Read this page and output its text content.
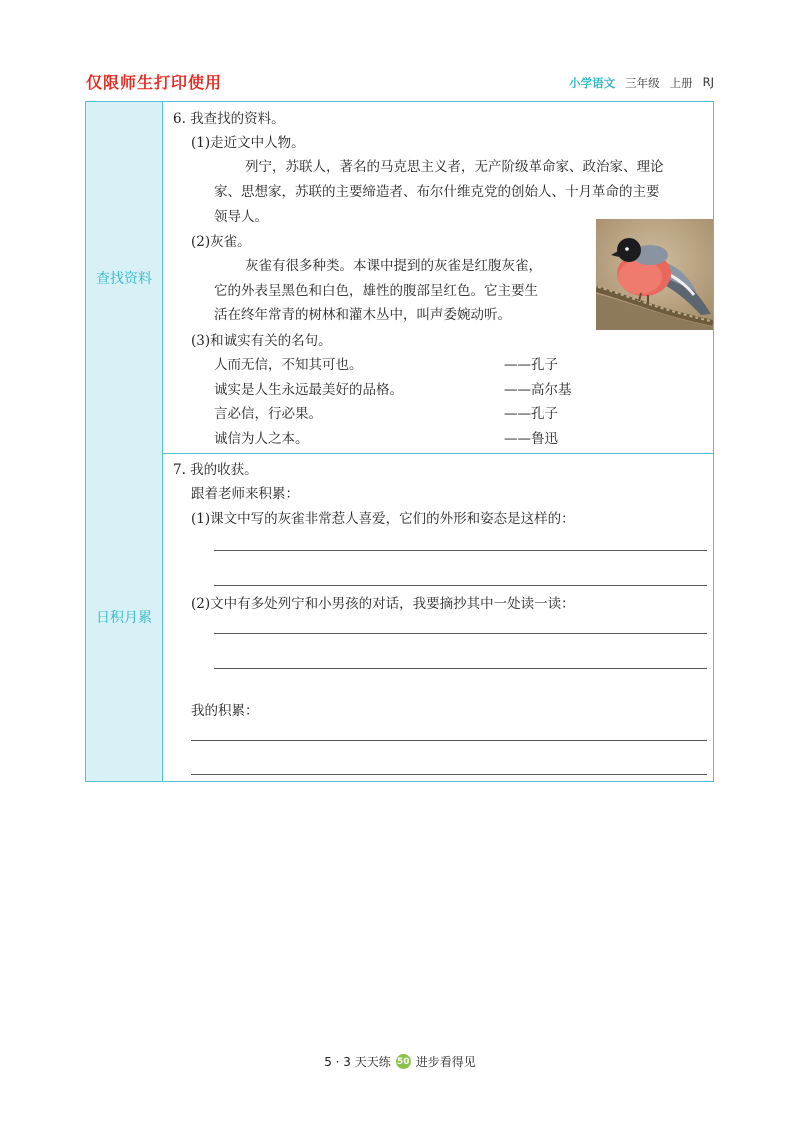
仅限师生打印使用	小学语文 三年级 上册 RJ
查找资料
日积月累
6. 我查找的资料。
(1)走近文中人物。
列宁，苏联人，著名的马克思主义者，无产阶级革命家、政治家、理论
家、思想家，苏联的主要缔造者、布尔什维克党的创始人、十月革命的主要
领导人。
(2)灰雀。
灰雀有很多种类。本课中提到的灰雀是红腹灰雀，
它的外表呈黑色和白色，雄性的腹部呈红色。它主要生
活在终年常青的树林和灌木丛中，叫声委婉动听。
(3)和诚实有关的名句。
人而无信，不知其可也。	——孔子
诚实是人生永远最美好的品格。	——高尔基
言必信，行必果。	——孔子
诚信为人之本。	——鲁迅
7. 我的收获。
跟着老师来积累：
(1)课文中写的灰雀非常惹人喜爱，它们的外形和姿态是这样的：
(2)文中有多处列宁和小男孩的对话，我要摘抄其中一处读一读：
我的积累：
5 · 3 天天练 50 进步看得见
